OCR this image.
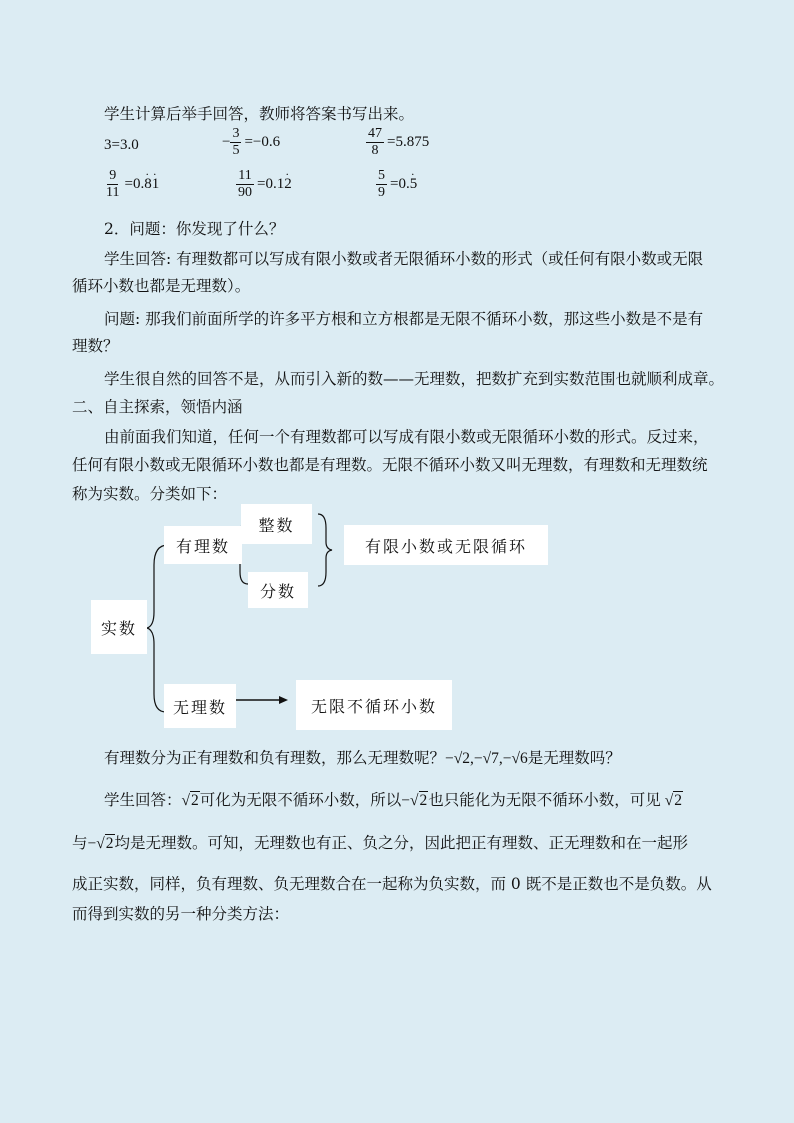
学生计算后举手回答，教师将答案书写出来。
3=3.0	− $\frac{3}{5} =-0.6$	$\frac{47}{8} =5.875$
$\frac{9}{11} =0.\cdot 8\cdot 1$	$\frac{11}{90} =0.1\cdot 2$	$\frac{5}{9} =0.\cdot 5$
2．问题：你发现了什么？
学生回答: 有理数都可以写成有限小数或者无限循环小数的形式（或任何有限小数或无限
循环小数也都是无理数）。
问题: 那我们前面所学的许多平方根和立方根都是无限不循环小数，那这些小数是不是有
理数？
学生很自然的回答不是，从而引入新的数——无理数，把数扩充到实数范围也就顺利成章。
二、自主探索，领悟内涵
由前面我们知道，任何一个有理数都可以写成有限小数或无限循环小数的形式。反过来，
任何有限小数或无限循环小数也都是有理数。无限不循环小数又叫无理数，有理数和无理数统
称为实数。分类如下：
实数
有理数
整数
分数
有限小数或无限循环
无理数	无限不循环小数
有理数分为正有理数和负有理数，那么无理数呢？−√2,−√7,−√6是无理数吗？
学生回答：√2可化为无限不循环小数，所以−√2也只能化为无限不循环小数，可见 √2
与−√2均是无理数。可知，无理数也有正、负之分，因此把正有理数、正无理数和在一起形
成正实数，同样，负有理数、负无理数合在一起称为负实数，而 0 既不是正数也不是负数。从
而得到实数的另一种分类方法：
